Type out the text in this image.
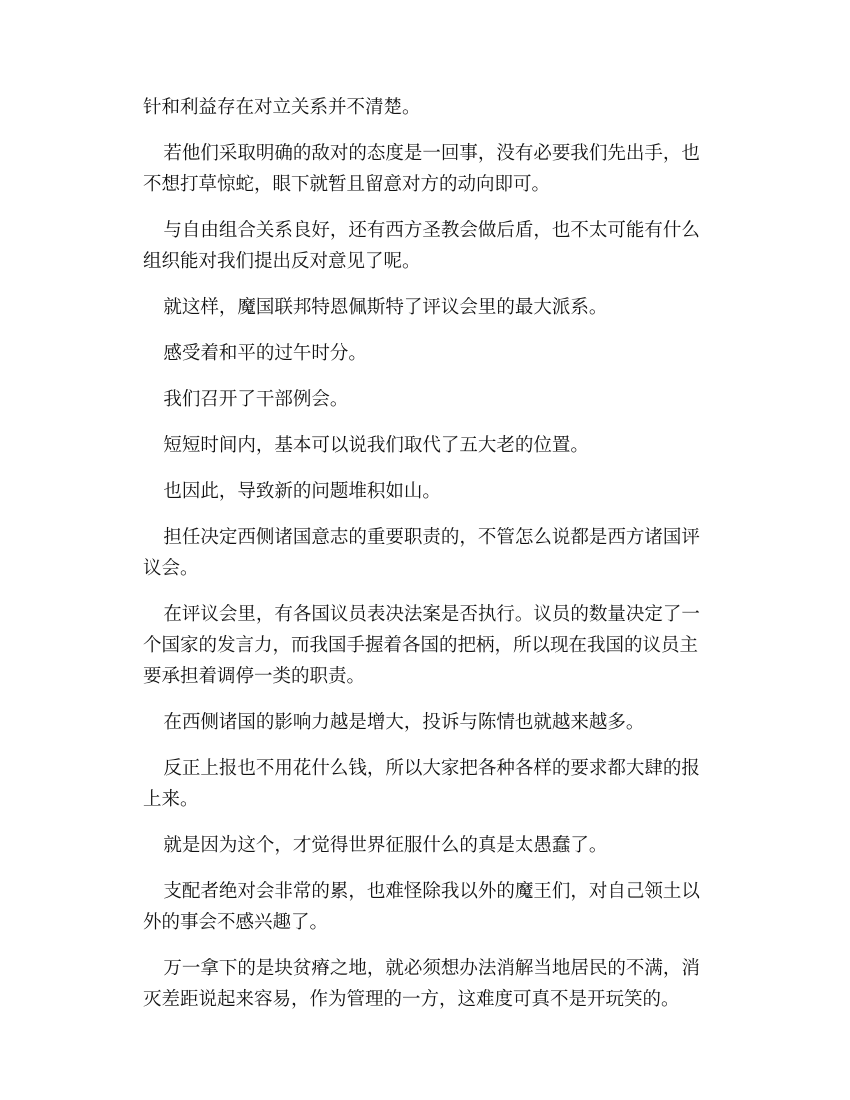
针和利益存在对立关系并不清楚。

若他们采取明确的敌对的态度是一回事，没有必要我们先出手，也不想打草惊蛇，眼下就暂且留意对方的动向即可。

与自由组合关系良好，还有西方圣教会做后盾，也不太可能有什么组织能对我们提出反对意见了呢。

就这样，魔国联邦特恩佩斯特了评议会里的最大派系。

感受着和平的过午时分。

我们召开了干部例会。

短短时间内，基本可以说我们取代了五大老的位置。

也因此，导致新的问题堆积如山。

担任决定西侧诸国意志的重要职责的，不管怎么说都是西方诸国评议会。

在评议会里，有各国议员表决法案是否执行。议员的数量决定了一个国家的发言力，而我国手握着各国的把柄，所以现在我国的议员主要承担着调停一类的职责。

在西侧诸国的影响力越是增大，投诉与陈情也就越来越多。

反正上报也不用花什么钱，所以大家把各种各样的要求都大肆的报上来。

就是因为这个，才觉得世界征服什么的真是太愚蠢了。

支配者绝对会非常的累，也难怪除我以外的魔王们，对自己领土以外的事会不感兴趣了。

万一拿下的是块贫瘠之地，就必须想办法消解当地居民的不满，消灭差距说起来容易，作为管理的一方，这难度可真不是开玩笑的。
